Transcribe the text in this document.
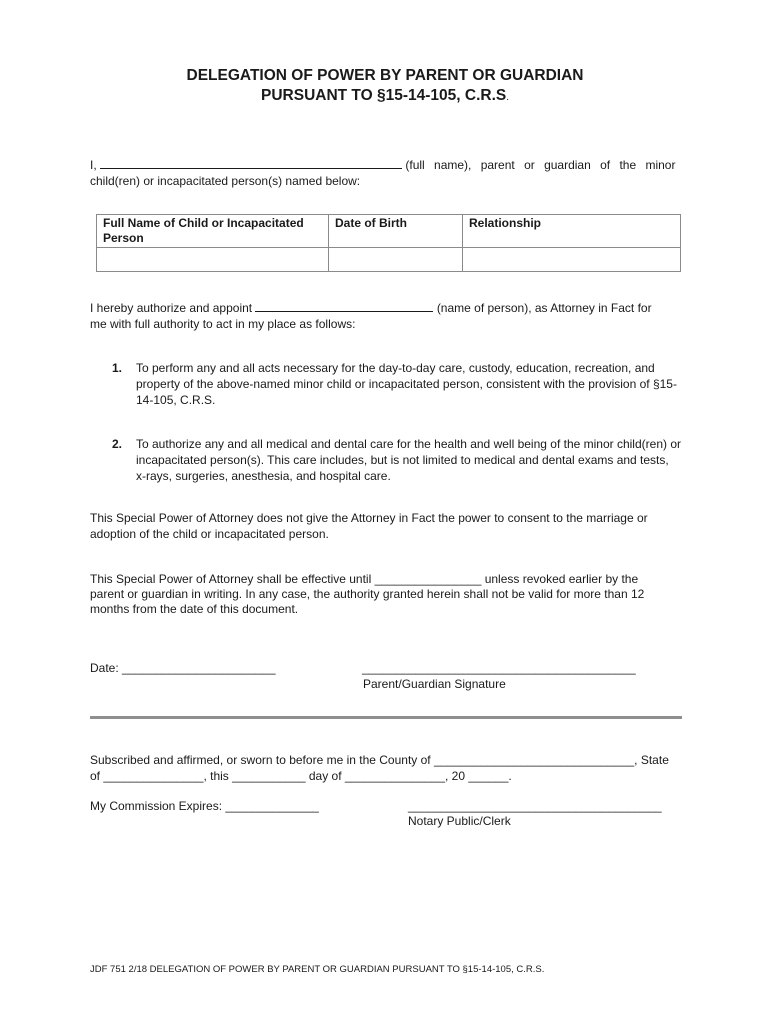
DELEGATION OF POWER BY PARENT OR GUARDIAN
PURSUANT TO §15-14-105, C.R.S.
I,	(full name), parent or guardian of the minor
child(ren) or incapacitated person(s) named below:
Full Name of Child or Incapacitated Person	Date of Birth	Relationship

I hereby authorize and appoint	(name of person), as Attorney in Fact for
me with full authority to act in my place as follows:
1. To perform any and all acts necessary for the day-to-day care, custody, education, recreation, and property of the above-named minor child or incapacitated person, consistent with the provision of §15-14-105, C.R.S.
2. To authorize any and all medical and dental care for the health and well being of the minor child(ren) or incapacitated person(s). This care includes, but is not limited to medical and dental exams and tests, x-rays, surgeries, anesthesia, and hospital care.
This Special Power of Attorney does not give the Attorney in Fact the power to consent to the marriage or adoption of the child or incapacitated person.
This Special Power of Attorney shall be effective until ________________ unless revoked earlier by the
parent or guardian in writing. In any case, the authority granted herein shall not be valid for more than 12
months from the date of this document.
Date: _______________________	_________________________________________
Parent/Guardian Signature
Subscribed and affirmed, or sworn to before me in the County of ______________________________, State
of _______________, this ___________ day of _______________, 20 ______.
My Commission Expires: ______________	______________________________________
Notary Public/Clerk
JDF 751 2/18 DELEGATION OF POWER BY PARENT OR GUARDIAN PURSUANT TO §15-14-105, C.R.S.
